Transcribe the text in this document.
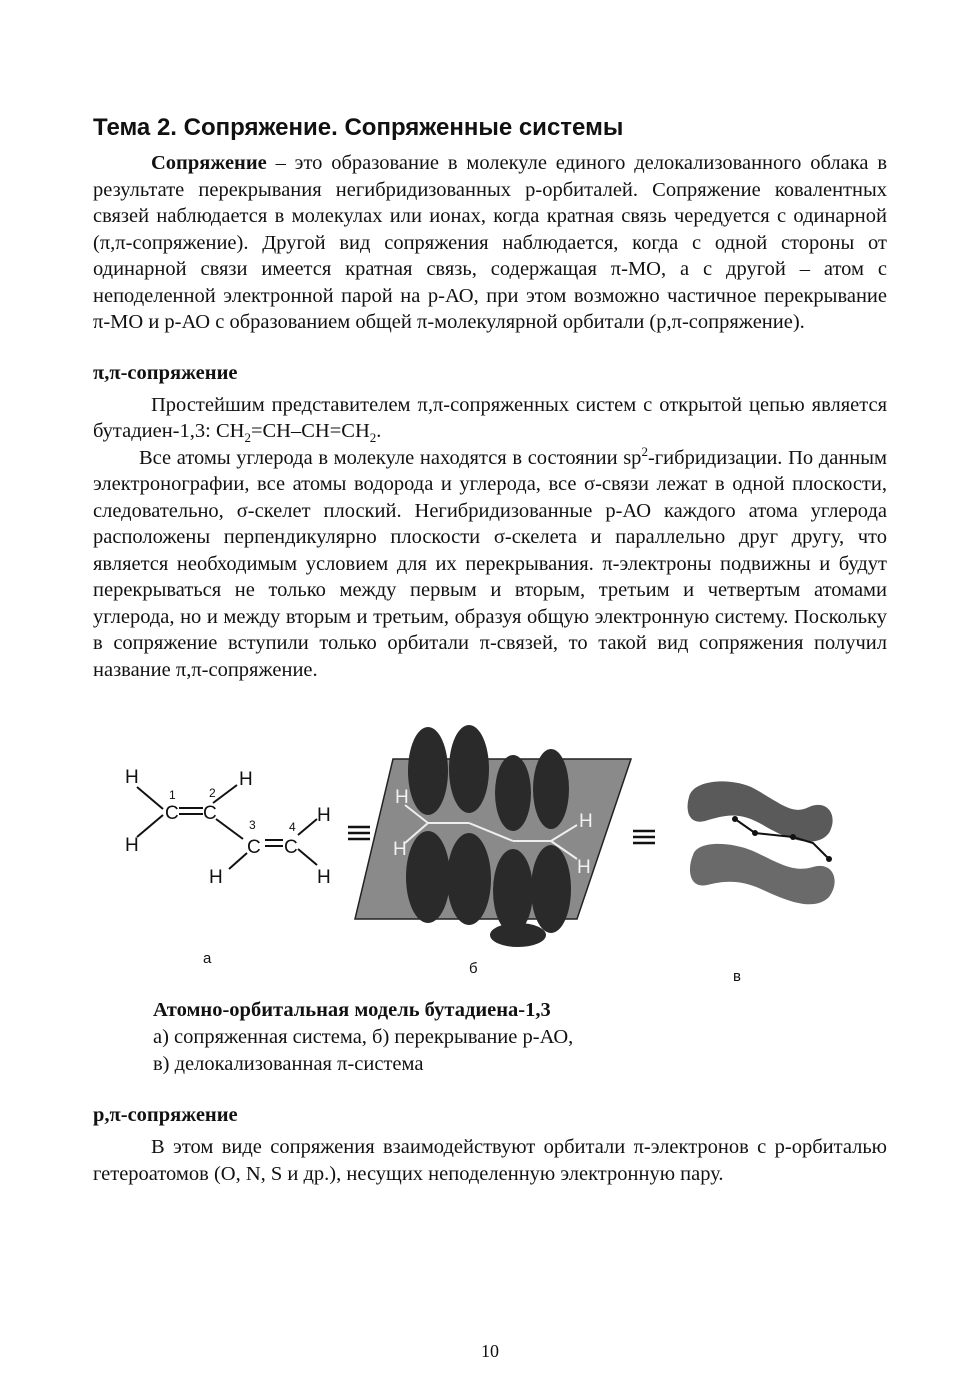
Тема 2. Сопряжение. Сопряженные системы

Сопряжение – это образование в молекуле единого делокализованного облака в результате перекрывания негибридизованных p-орбиталей. Сопряжение ковалентных связей наблюдается в молекулах или ионах, когда кратная связь чередуется с одинарной (π,π-сопряжение). Другой вид сопряжения наблюдается, когда с одной стороны от одинарной связи имеется кратная связь, содержащая π-МО, а с другой – атом с неподеленной электронной парой на p-АО, при этом возможно частичное перекрывание π-МО и p-АО с образованием общей π-молекулярной орбитали (p,π-сопряжение).

π,π-сопряжение

Простейшим представителем π,π-сопряженных систем с открытой цепью является бутадиен-1,3: $CH_2=CH-CH=CH_2$.

Все атомы углерода в молекуле находятся в состоянии $sp^2$-гибридизации. По данным электронографии, все атомы водорода и углерода, все σ-связи лежат в одной плоскости, следовательно, σ-скелет плоский. Негибридизованные p-АО каждого атома углерода расположены перпендикулярно плоскости σ-скелета и параллельно друг другу, что является необходимым условием для их перекрывания. π-электроны подвижны и будут перекрываться не только между первым и вторым, третьим и четвертым атомами углерода, но и между вторым и третьим, образуя общую электронную систему. Поскольку в сопряжение вступили только орбитали π-связей, то такой вид сопряжения получил название π,π-сопряжение.

H
H
C
1
C
2
H
C
3
H
C
4
H
H
H
H
H
H
а
б	в
Атомно-орбитальная модель бутадиена-1,3
а) сопряженная система, б) перекрывание p-АО,
в) делокализованная π-система
p,π-сопряжение

В этом виде сопряжения взаимодействуют орбитали π-электронов с p-орбиталью гетероатомов (O, N, S и др.), несущих неподеленную электронную пару.

10
